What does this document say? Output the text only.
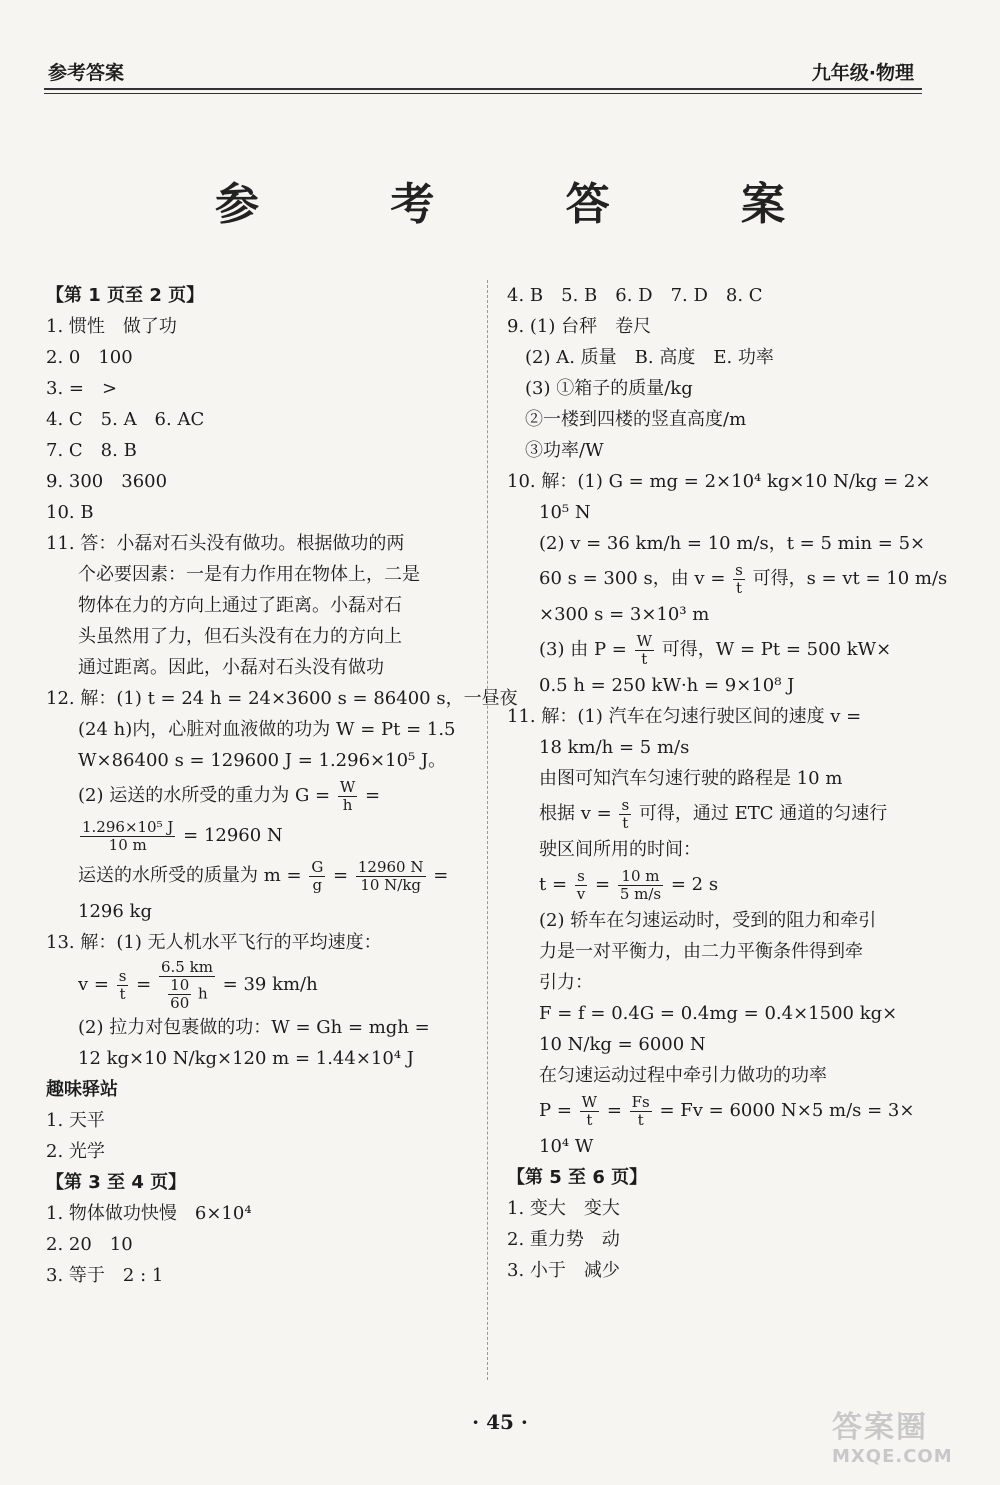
参考答案	九年级·物理
参 考 答 案
【第 1 页至 2 页】
1. 惯性　做了功
2. 0　100
3. =　>
4. C　5. A　6. AC
7. C　8. B
9. 300　3600
10. B
11. 答：小磊对石头没有做功。根据做功的两
个必要因素：一是有力作用在物体上，二是
物体在力的方向上通过了距离。小磊对石
头虽然用了力，但石头没有在力的方向上
通过距离。因此，小磊对石头没有做功
12. 解：(1) t = 24 h = 24×3600 s = 86400 s，一昼夜
(24 h)内，心脏对血液做的功为 W = Pt = 1.5
W×86400 s = 129600 J = 1.296×10⁵ J。
(2) 运送的水所受的重力为 $G = \frac{W}{h}$ =
$\frac{\text{1.296×10⁵ J}}{10 m} = 12960$ N
运送的水所受的质量为 $m = \frac{G}{g} = \frac{12960 N}{10 N/kg}$ =
1296 kg
13. 解：(1) 无人机水平飞行的平均速度：
$v = \frac{s}{t} = \frac{6.5 km}{\frac{10}{60} h} = 39$ km/h
(2) 拉力对包裹做的功：W = Gh = mgh =
12 kg×10 N/kg×120 m = 1.44×10⁴ J
趣味驿站
1. 天平
2. 光学
【第 3 至 4 页】
1. 物体做功快慢　6×10⁴
2. 20　10
3. 等于　2 : 1
4. B　5. B　6. D　7. D　8. C
9. (1) 台秤　卷尺
(2) A. 质量　B. 高度　E. 功率
(3) ①箱子的质量/kg
②一楼到四楼的竖直高度/m
③功率/W
10. 解：(1) G = mg = 2×10⁴ kg×10 N/kg = 2×
10⁵ N
(2) v = 36 km/h = 10 m/s，t = 5 min = 5×
60 s = 300 s，由 $v = \frac{s}{t}$ 可得，s = vt = 10 m/s
×300 s = 3×10³ m
(3) 由 $P = \frac{W}{t}$ 可得，W = Pt = 500 kW×
0.5 h = 250 kW·h = 9×10⁸ J
11. 解：(1) 汽车在匀速行驶区间的速度 v =
18 km/h = 5 m/s
由图可知汽车匀速行驶的路程是 10 m
根据 $v = \frac{s}{t}$ 可得，通过 ETC 通道的匀速行
驶区间所用的时间：
$t = \frac{s}{v} = \frac{10 m}{5 m/s} = 2$ s
(2) 轿车在匀速运动时，受到的阻力和牵引
力是一对平衡力，由二力平衡条件得到牵
引力：
F = f = 0.4G = 0.4mg = 0.4×1500 kg×
10 N/kg = 6000 N
在匀速运动过程中牵引力做功的功率
$P = \frac{W}{t} = \frac{Fs}{t} = Fv = 6000$ N×5 m/s = 3×
10⁴ W
【第 5 至 6 页】
1. 变大　变大
2. 重力势　动
3. 小于　减少
· 45 ·	答案圈
MXQE.COM
